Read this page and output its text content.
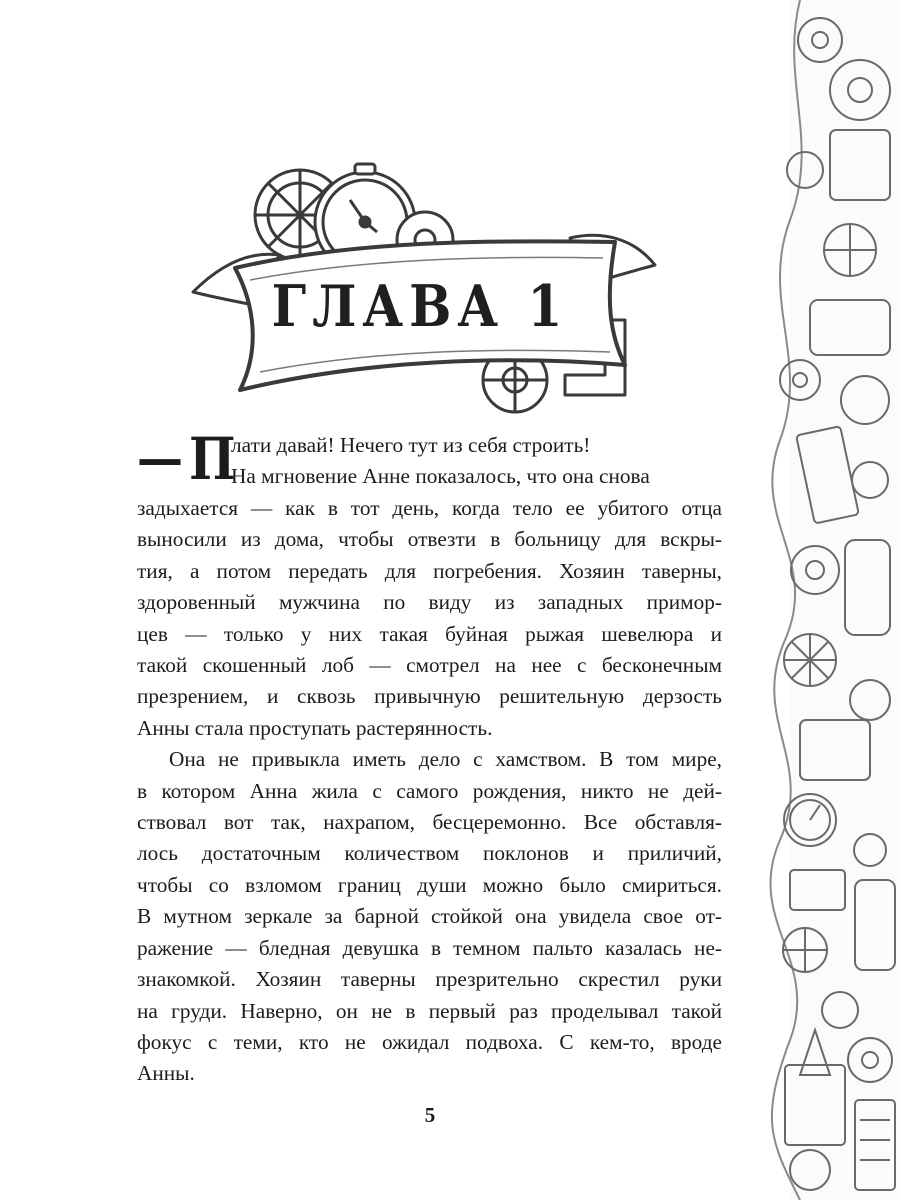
ГЛАВА 1
— П

лати давай! Нечего тут из себя строить!

На мгновение Анне показалось, что она снова

задыхается — как в тот день, когда тело ее убитого отца

выносили из дома, чтобы отвезти в больницу для вскры-

тия, а потом передать для погребения. Хозяин таверны,

здоровенный мужчина по виду из западных примор-

цев — только у них такая буйная рыжая шевелюра и

такой скошенный лоб — смотрел на нее с бесконечным

презрением, и сквозь привычную решительную дерзость

Анны стала проступать растерянность.

Она не привыкла иметь дело с хамством. В том мире,

в котором Анна жила с самого рождения, никто не дей-

ствовал вот так, нахрапом, бесцеремонно. Все обставля-

лось достаточным количеством поклонов и приличий,

чтобы со взломом границ души можно было смириться.

В мутном зеркале за барной стойкой она увидела свое от-

ражение — бледная девушка в темном пальто казалась не-

знакомкой. Хозяин таверны презрительно скрестил руки

на груди. Наверно, он не в первый раз проделывал такой

фокус с теми, кто не ожидал подвоха. С кем-то, вроде

Анны.

5
